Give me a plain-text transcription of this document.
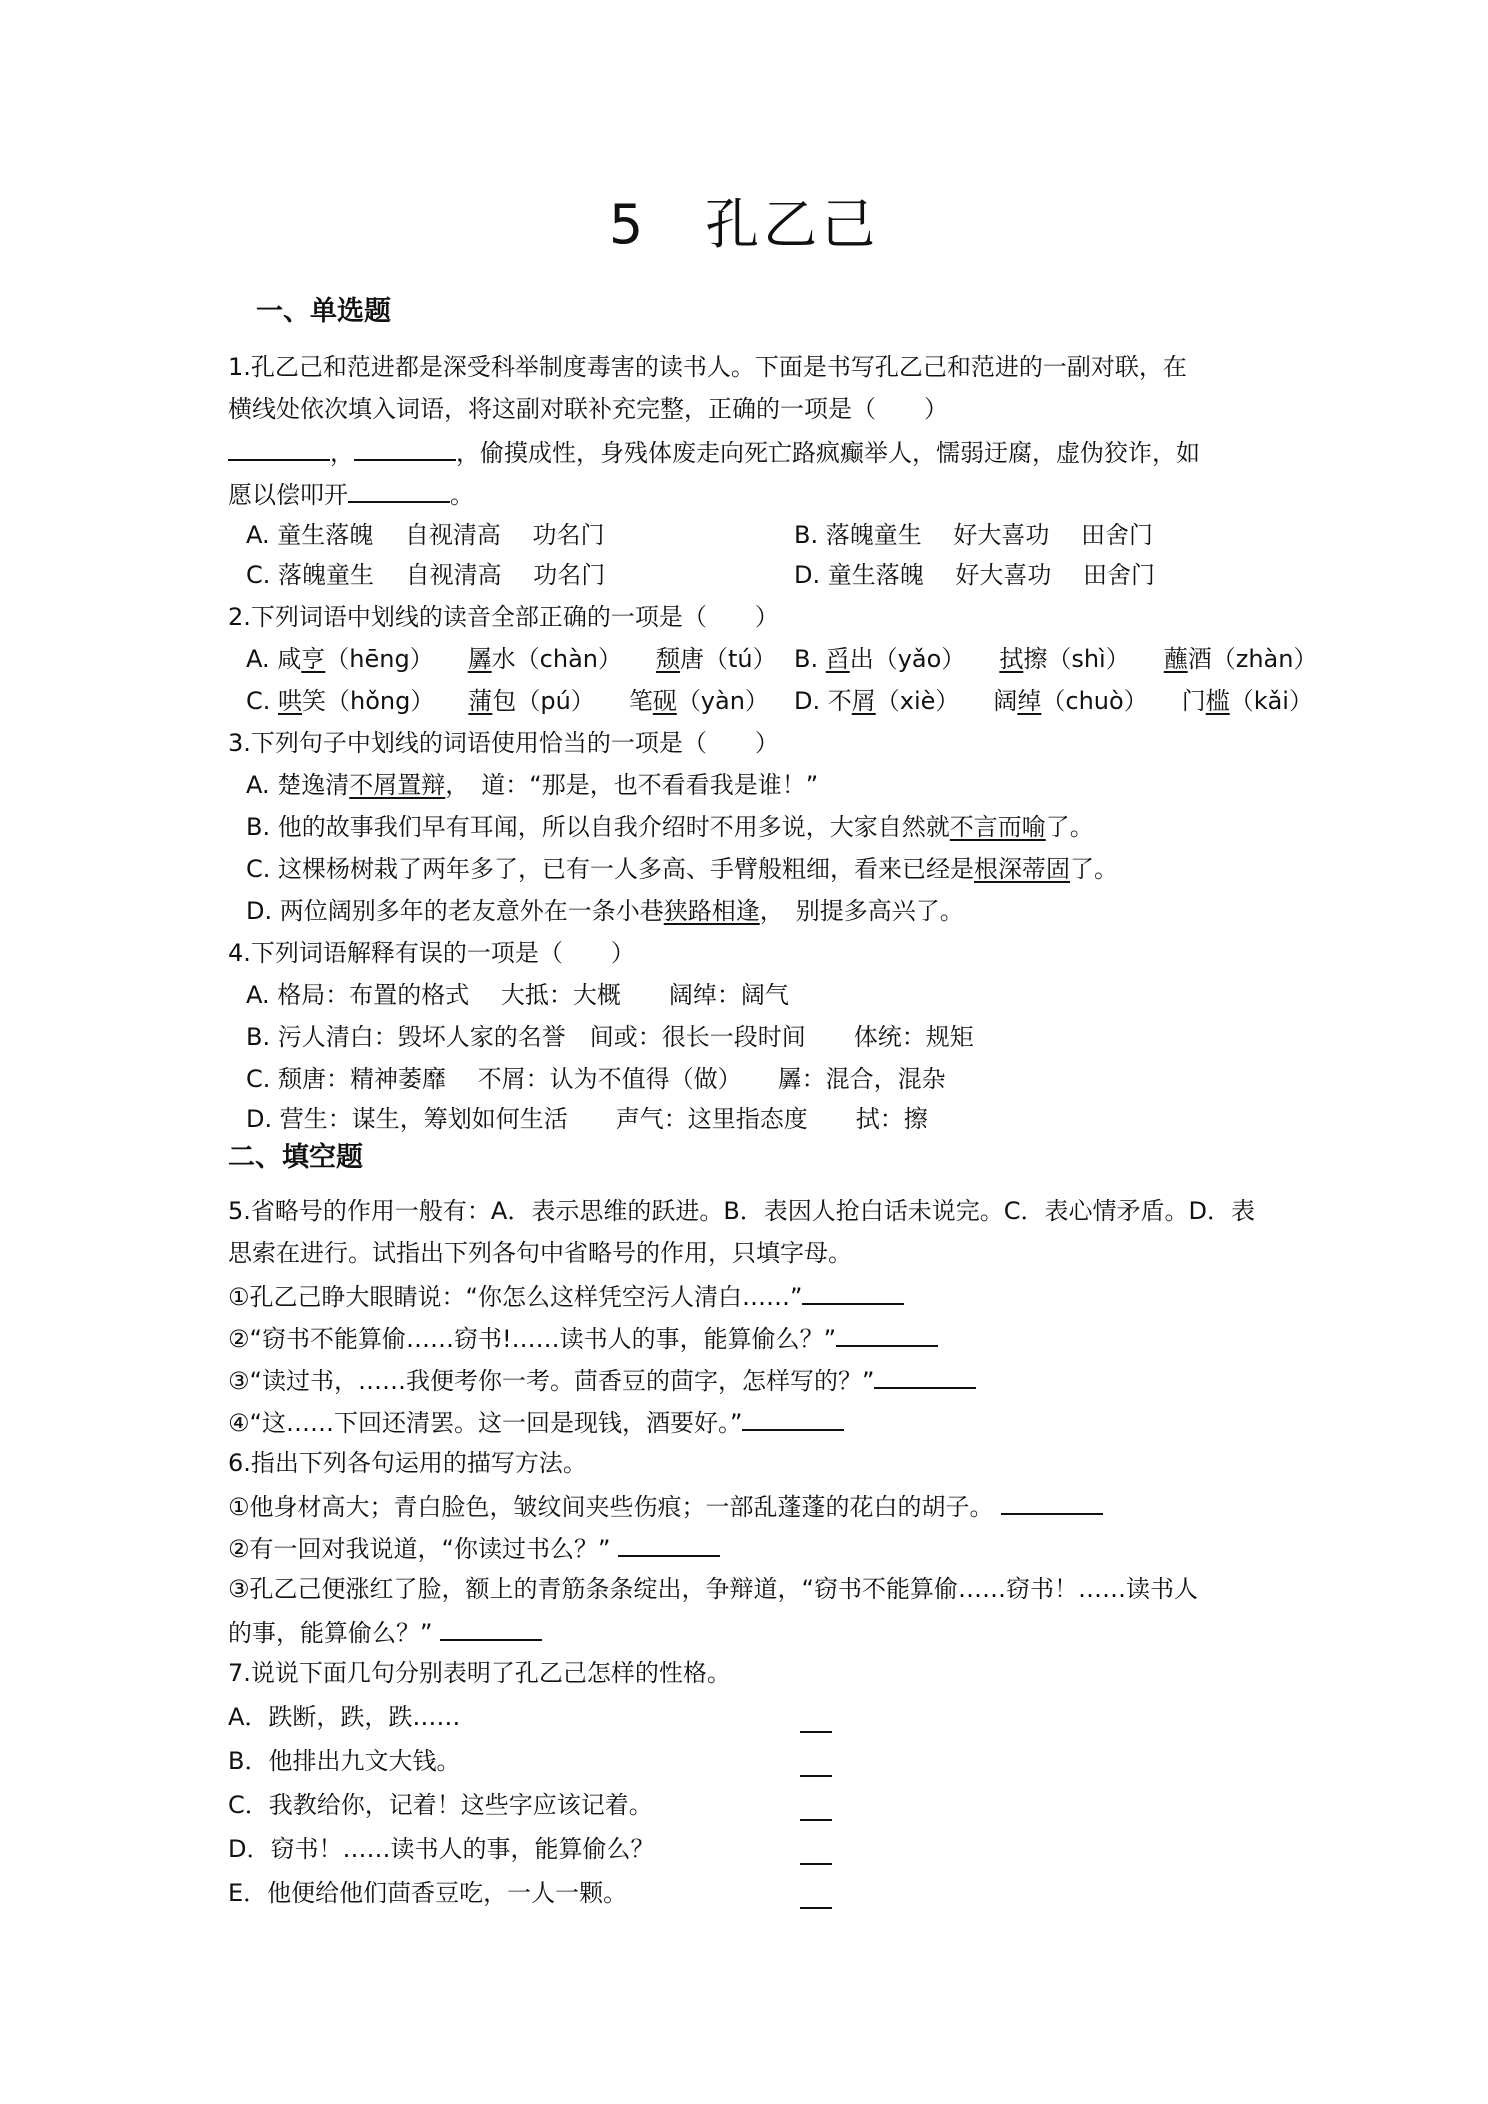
5　孔乙己
一、单选题
1.孔乙己和范进都是深受科举制度毒害的读书人。下面是书写孔乙己和范进的一副对联，在
横线处依次填入词语，将这副对联补充完整，正确的一项是（　　）
，	，偷摸成性，身残体废走向死亡路疯癫举人，懦弱迂腐，虚伪狡诈，如
愿以偿叩开	。
A. 童生落魄　 自视清高　 功名门	B. 落魄童生　 好大喜功　 田舍门
C. 落魄童生　 自视清高　 功名门	D. 童生落魄　 好大喜功　 田舍门
2.下列词语中划线的读音全部正确的一项是（　　）
A. 咸亨（hēng） 羼水（chàn） 颓唐（tú） B. 舀出（yǎo） 拭擦（shì） 蘸酒（zhàn）
C. 哄笑（hǒng） 蒲包（pú） 笔砚（yàn） D. 不屑（xiè） 阔绰（chuò） 门槛（kǎi）
3.下列句子中划线的词语使用恰当的一项是（　　）
A. 楚逸清不屑置辩，　道：“那是，也不看看我是谁！”
B. 他的故事我们早有耳闻，所以自我介绍时不用多说，大家自然就不言而喻了。
C. 这棵杨树栽了两年多了，已有一人多高、手臂般粗细，看来已经是根深蒂固了。
D. 两位阔别多年的老友意外在一条小巷狭路相逢，　别提多高兴了。
4.下列词语解释有误的一项是（　　）
A. 格局：布置的格式　 大抵：大概　　阔绰：阔气
B. 污人清白：毁坏人家的名誉　间或：很长一段时间　　体统：规矩
C. 颓唐：精神萎靡　 不屑：认为不值得（做）　　羼：混合，混杂
D. 营生：谋生，筹划如何生活　　声气：这里指态度　　拭：擦
二、填空题
5.省略号的作用一般有：A．表示思维的跃进。B．表因人抢白话未说完。C．表心情矛盾。D．表
思索在进行。试指出下列各句中省略号的作用，只填字母。
①孔乙己睁大眼睛说：“你怎么这样凭空污人清白……”
②“窃书不能算偷……窃书!……读书人的事，能算偷么？”
③“读过书，……我便考你一考。茴香豆的茴字，怎样写的？”
④“这……下回还清罢。这一回是现钱，酒要好。”
6.指出下列各句运用的描写方法。
①他身材高大；青白脸色，皱纹间夹些伤痕；一部乱蓬蓬的花白的胡子。
②有一回对我说道，“你读过书么？”
③孔乙己便涨红了脸，额上的青筋条条绽出，争辩道，“窃书不能算偷……窃书！……读书人
的事，能算偷么？”
7.说说下面几句分别表明了孔乙己怎样的性格。
A．跌断，跌，跌……
B．他排出九文大钱。
C．我教给你，记着！这些字应该记着。
D．窃书！……读书人的事，能算偷么？
E．他便给他们茴香豆吃，一人一颗。
